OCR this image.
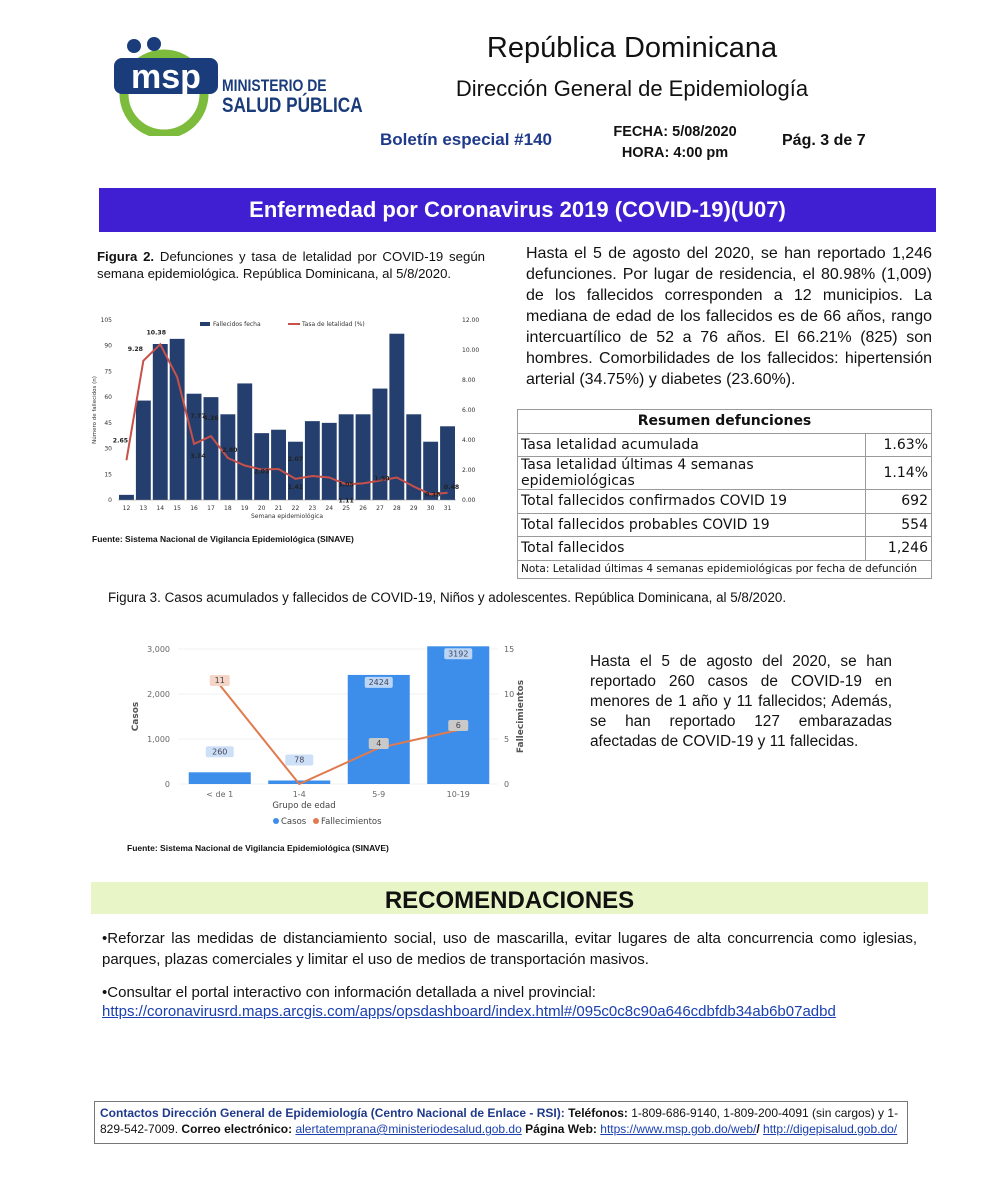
msp MINISTERIO DE
SALUD PÚBLICA
República Dominicana
Dirección General de Epidemiología
Boletín especial #140	FECHA: 5/08/2020
HORA: 4:00 pm
Pág. 3 de 7
Enfermedad por Coronavirus 2019 (COVID-19)(U07)
Figura 2. Defunciones y tasa de letalidad por COVID-19 según semana epidemiológica. República Dominicana, al 5/8/2020.
105
90
75
60
45
30
15
0
12.00
10.00
8.00
6.00
4.00
2.00
0.00
Número de fallecidos (n)
12 13 14 15 16 17 18 19 20 21 22 23 24 25 26 27 28 29 30 31
Semana epidemiológica
2.65
9.28
10.38
3.74
7.77
4.26
2.80
2.03
2.07
1.41	1.05
1.11
1.50
0.38
0.48
Fallecidos fecha	Tasa de letalidad (%)
Fuente: Sistema Nacional de Vigilancia Epidemiológica (SINAVE)
Hasta el 5 de agosto del 2020, se han reportado 1,246 defunciones. Por lugar de residencia, el 80.98% (1,009) de los fallecidos corresponden a 12 municipios. La mediana de edad de los fallecidos es de 66 años, rango intercuartílico de 52 a 76 años. El 66.21% (825) son hombres. Comorbilidades de los fallecidos: hipertensión arterial (34.75%) y diabetes (23.60%).
Resumen defunciones	
Tasa letalidad acumulada	1.63%
Tasa letalidad últimas 4 semanas epidemiológicas	1.14%
Total fallecidos confirmados COVID 19	692
Total fallecidos probables COVID 19	554
Total fallecidos	1,246
Nota: Letalidad últimas 4 semanas epidemiológicas por fecha de defunción	
Figura 3. Casos acumulados y fallecidos de COVID-19, Niños y adolescentes. República Dominicana, al 5/8/2020.
3,000
2,000
1,000
0
15
10
5
0
Casos	Fallecimientos
260
78
2424
3192
11
4
6
< de 1	1-4	5-9	10-19
Grupo de edad
Casos Fallecimientos
Fuente: Sistema Nacional de Vigilancia Epidemiológica (SINAVE)
Hasta el 5 de agosto del 2020, se han reportado 260 casos de COVID-19 en menores de 1 año y 11 fallecidos; Además, se han reportado 127 embarazadas afectadas de COVID-19 y 11 fallecidas.
RECOMENDACIONES
•Reforzar las medidas de distanciamiento social, uso de mascarilla, evitar lugares de alta concurrencia como iglesias, parques, plazas comerciales y limitar el uso de medios de transportación masivos.
•Consultar el portal interactivo con información detallada a nivel provincial:
https://coronavirusrd.maps.arcgis.com/apps/opsdashboard/index.html#/095c0c8c90a646cdbfdb34ab6b07adbd
Contactos Dirección General de Epidemiología (Centro Nacional de Enlace - RSI): Teléfonos: 1-809-686-9140, 1-809-200-4091 (sin cargos) y 1-829-542-7009. Correo electrónico: alertatemprana@ministeriodesalud.gob.do Página Web: https://www.msp.gob.do/web// http://digepisalud.gob.do/
